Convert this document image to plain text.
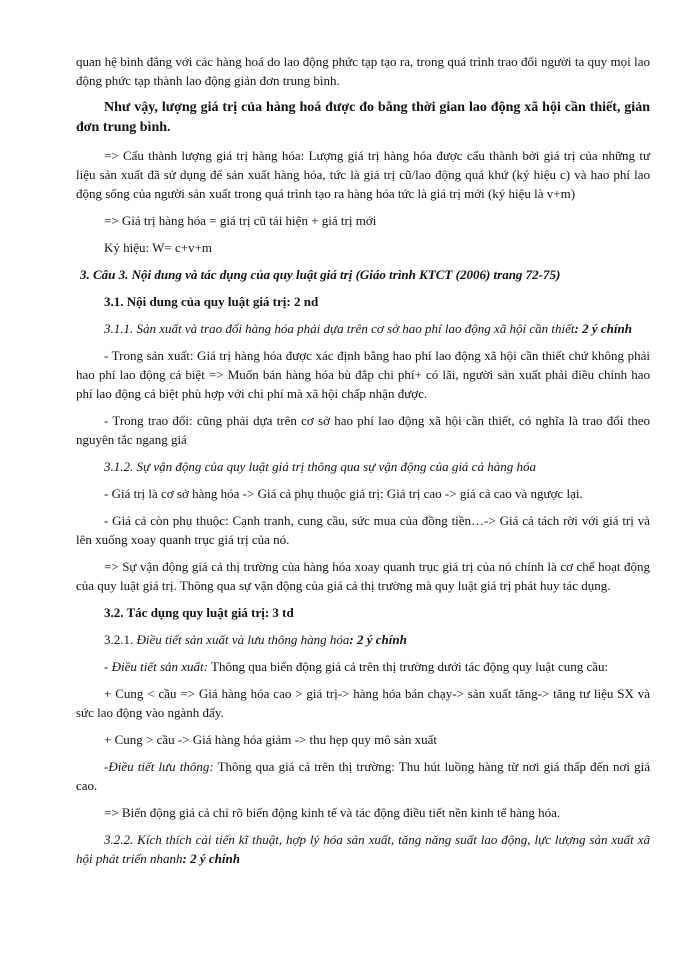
quan hệ bình đẳng với các hàng hoá do lao động phức tạp tạo ra, trong quá trình trao đổi người ta quy mọi lao động phức tạp thành lao động giản đơn trung bình.

Như vậy, lượng giá trị của hàng hoá được đo bằng thời gian lao động xã hội cần thiết, giản đơn trung bình.

=> Cấu thành lượng giá trị hàng hóa: Lượng giá trị hàng hóa được cấu thành bởi giá trị của những tư liệu sản xuất đã sử dụng để sản xuất hàng hóa, tức là giá trị cũ/lao động quá khứ (ký hiệu c) và hao phí lao động sống của người sản xuất trong quá trình tạo ra hàng hóa tức là giá trị mới (ký hiệu là v+m)

=> Giá trị hàng hóa = giá trị cũ tái hiện + giá trị mới

Ký hiệu: W= c+v+m

3. Câu 3. Nội dung và tác dụng của quy luật giá trị (Giáo trình KTCT (2006) trang 72-75)

3.1. Nội dung của quy luật giá trị: 2 nd

3.1.1. Sản xuất và trao đổi hàng hóa phải dựa trên cơ sở hao phí lao động xã hội cần thiết: 2 ý chính

- Trong sản xuất: Giá trị hàng hóa được xác định bằng hao phí lao động xã hội cần thiết chứ không phải hao phí lao động cá biệt => Muốn bán hàng hóa bù đắp chi phí+ có lãi, người sản xuất phải điều chỉnh hao phí lao động cá biệt phù hợp với chi phí mà xã hội chấp nhận được.

- Trong trao đổi: cũng phải dựa trên cơ sở hao phí lao động xã hội cần thiết, có nghĩa là trao đổi theo nguyên tắc ngang giá

3.1.2. Sự vận động của quy luật giá trị thông qua sự vận động của giá cả hàng hóa

- Giá trị là cơ sở hàng hóa -> Giá cả phụ thuộc giá trị: Giá trị cao -> giá cả cao và ngược lại.

- Giá cả còn phụ thuộc: Cạnh tranh, cung cầu, sức mua của đồng tiền…-> Giá cả tách rời với giá trị và lên xuống xoay quanh trục giá trị của nó.

=> Sự vận động giá cả thị trường của hàng hóa xoay quanh trục giá trị của nó chính là cơ chế hoạt động của quy luật giá trị. Thông qua sự vận động của giá cả thị trường mà quy luật giá trị phát huy tác dụng.

3.2. Tác dụng quy luật giá trị: 3 td

3.2.1. Điều tiết sản xuất và lưu thông hàng hóa: 2 ý chính

- Điều tiết sản xuất: Thông qua biến động giá cả trên thị trường dưới tác động quy luật cung cầu:

+ Cung < cầu => Giá hàng hóa cao > giá trị-> hàng hóa bán chạy-> sản xuất tăng-> tăng tư liệu SX và sức lao động vào ngành đấy.

+ Cung > cầu -> Giá hàng hóa giảm -> thu hẹp quy mô sản xuất

-Điều tiết lưu thông: Thông qua giá cả trên thị trường: Thu hút luồng hàng từ nơi giá thấp đến nơi giá cao.

=> Biến động giá cả chỉ rõ biến động kinh tế và tác động điều tiết nền kinh tế hàng hóa.

3.2.2. Kích thích cải tiến kĩ thuật, hợp lý hóa sản xuất, tăng năng suất lao động, lực lượng sản xuất xã hội phát triển nhanh: 2 ý chính
